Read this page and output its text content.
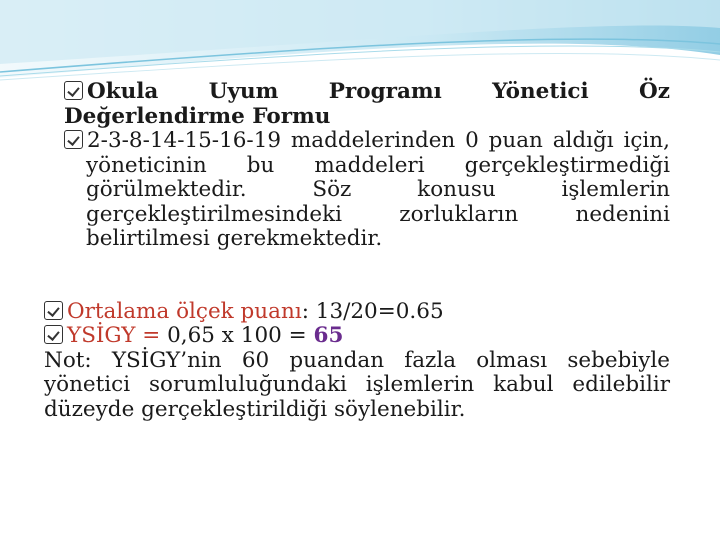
Okula Uyum Programı Yönetici Öz
Değerlendirme Formu
2-3-8-14-15-16-19 maddelerinden 0 puan aldığı için, yöneticinin bu maddeleri gerçekleştirmediği görülmektedir. Söz konusu işlemlerin gerçekleştirilmesindeki zorlukların nedenini belirtilmesi gerekmektedir.
Ortalama ölçek puanı: 13/20=0.65
YSİGY = 0,65 x 100 = 65
Not: YSİGY’nin 60 puandan fazla olması sebebiyle yönetici sorumluluğundaki işlemlerin kabul edilebilir düzeyde gerçekleştirildiği söylenebilir.
